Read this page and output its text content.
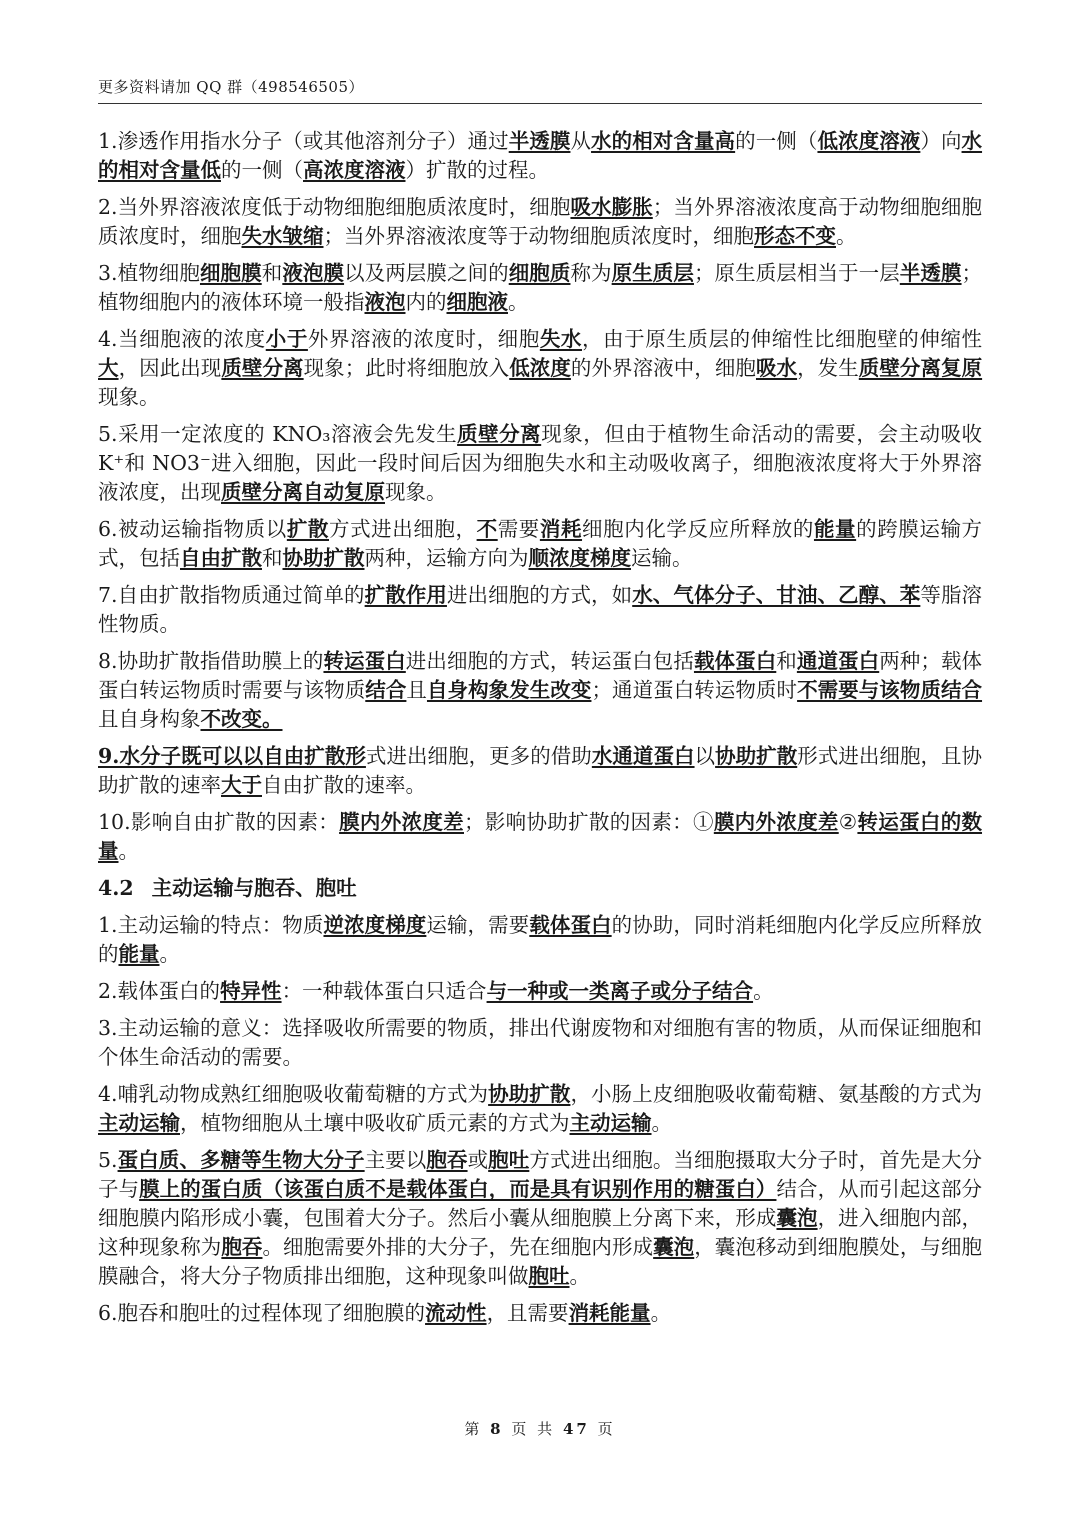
更多资料请加 QQ 群（498546505）

1.渗透作用指水分子（或其他溶剂分子）通过半透膜从水的相对含量高的一侧（低浓度溶液）向水的相对含量低的一侧（高浓度溶液）扩散的过程。

2.当外界溶液浓度低于动物细胞细胞质浓度时，细胞吸水膨胀；当外界溶液浓度高于动物细胞细胞质浓度时，细胞失水皱缩；当外界溶液浓度等于动物细胞质浓度时，细胞形态不变。

3.植物细胞细胞膜和液泡膜以及两层膜之间的细胞质称为原生质层；原生质层相当于一层半透膜；植物细胞内的液体环境一般指液泡内的细胞液。

4.当细胞液的浓度小于外界溶液的浓度时，细胞失水，由于原生质层的伸缩性比细胞壁的伸缩性大，因此出现质壁分离现象；此时将细胞放入低浓度的外界溶液中，细胞吸水，发生质壁分离复原现象。

5.采用一定浓度的 KNO₃溶液会先发生质壁分离现象，但由于植物生命活动的需要，会主动吸收 K⁺和 NO3⁻进入细胞，因此一段时间后因为细胞失水和主动吸收离子，细胞液浓度将大于外界溶液浓度，出现质壁分离自动复原现象。

6.被动运输指物质以扩散方式进出细胞，不需要消耗细胞内化学反应所释放的能量的跨膜运输方式，包括自由扩散和协助扩散两种，运输方向为顺浓度梯度运输。

7.自由扩散指物质通过简单的扩散作用进出细胞的方式，如水、气体分子、甘油、乙醇、苯等脂溶性物质。

8.协助扩散指借助膜上的转运蛋白进出细胞的方式，转运蛋白包括载体蛋白和通道蛋白两种；载体蛋白转运物质时需要与该物质结合且自身构象发生改变；通道蛋白转运物质时不需要与该物质结合且自身构象不改变。

9.水分子既可以以自由扩散形式进出细胞，更多的借助水通道蛋白以协助扩散形式进出细胞，且协助扩散的速率大于自由扩散的速率。

10.影响自由扩散的因素：膜内外浓度差；影响协助扩散的因素：①膜内外浓度差②转运蛋白的数量。

4.2 主动运输与胞吞、胞吐

1.主动运输的特点：物质逆浓度梯度运输，需要载体蛋白的协助，同时消耗细胞内化学反应所释放的能量。

2.载体蛋白的特异性：一种载体蛋白只适合与一种或一类离子或分子结合。

3.主动运输的意义：选择吸收所需要的物质，排出代谢废物和对细胞有害的物质，从而保证细胞和个体生命活动的需要。

4.哺乳动物成熟红细胞吸收葡萄糖的方式为协助扩散，小肠上皮细胞吸收葡萄糖、氨基酸的方式为主动运输，植物细胞从土壤中吸收矿质元素的方式为主动运输。

5.蛋白质、多糖等生物大分子主要以胞吞或胞吐方式进出细胞。当细胞摄取大分子时，首先是大分子与膜上的蛋白质（该蛋白质不是载体蛋白，而是具有识别作用的糖蛋白）结合，从而引起这部分细胞膜内陷形成小囊，包围着大分子。然后小囊从细胞膜上分离下来，形成囊泡，进入细胞内部，这种现象称为胞吞。细胞需要外排的大分子，先在细胞内形成囊泡，囊泡移动到细胞膜处，与细胞膜融合，将大分子物质排出细胞，这种现象叫做胞吐。

6.胞吞和胞吐的过程体现了细胞膜的流动性，且需要消耗能量。

第 8 页 共 47 页
